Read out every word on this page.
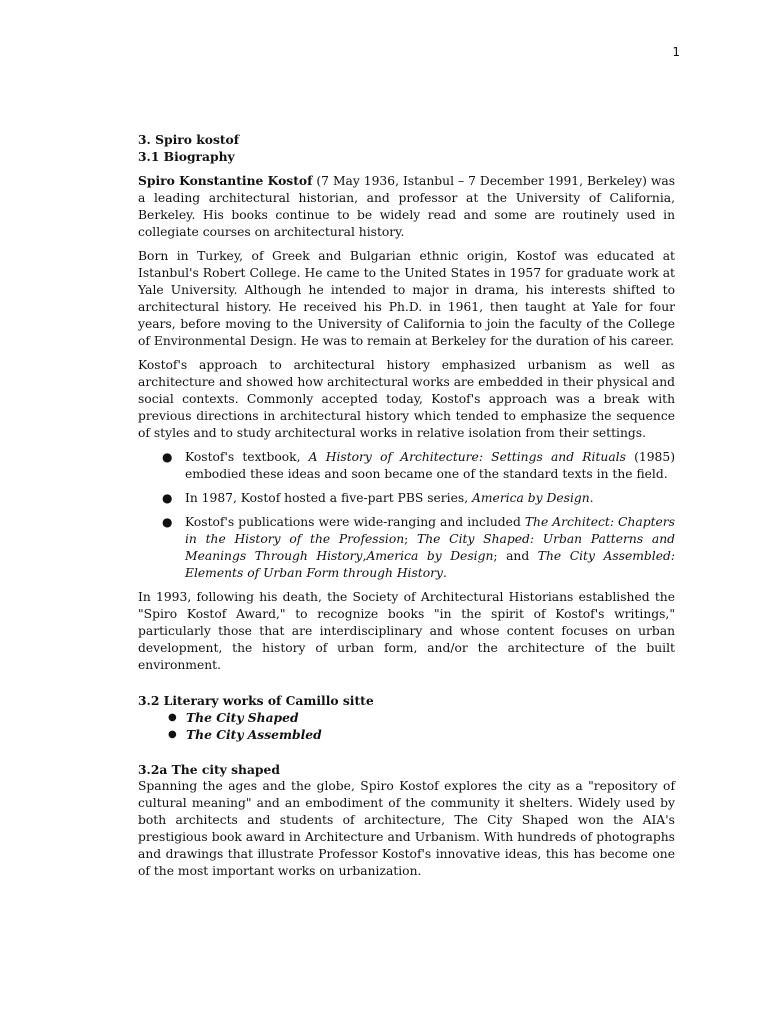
1
3. Spiro kostof
3.1 Biography

Spiro Konstantine Kostof (7 May 1936, Istanbul – 7 December 1991, Berkeley) was a leading architectural historian, and professor at the University of California, Berkeley. His books continue to be widely read and some are routinely used in collegiate courses on architectural history.

Born in Turkey, of Greek and Bulgarian ethnic origin, Kostof was educated at Istanbul's Robert College. He came to the United States in 1957 for graduate work at Yale University. Although he intended to major in drama, his interests shifted to architectural history. He received his Ph.D. in 1961, then taught at Yale for four years, before moving to the University of California to join the faculty of the College of Environmental Design. He was to remain at Berkeley for the duration of his career.

Kostof's approach to architectural history emphasized urbanism as well as architecture and showed how architectural works are embedded in their physical and social contexts. Commonly accepted today, Kostof's approach was a break with previous directions in architectural history which tended to emphasize the sequence of styles and to study architectural works in relative isolation from their settings.

● Kostof's textbook, A History of Architecture: Settings and Rituals (1985) embodied these ideas and soon became one of the standard texts in the field.
● In 1987, Kostof hosted a five-part PBS series, America by Design.
● Kostof's publications were wide-ranging and included The Architect: Chapters in the History of the Profession; The City Shaped: Urban Patterns and Meanings Through History,America by Design; and The City Assembled: Elements of Urban Form through History.

In 1993, following his death, the Society of Architectural Historians established the "Spiro Kostof Award," to recognize books "in the spirit of Kostof's writings," particularly those that are interdisciplinary and whose content focuses on urban development, the history of urban form, and/or the architecture of the built environment.

3.2 Literary works of Camillo sitte
● The City Shaped
● The City Assembled
3.2a The city shaped

Spanning the ages and the globe, Spiro Kostof explores the city as a "repository of cultural meaning" and an embodiment of the community it shelters. Widely used by both architects and students of architecture, The City Shaped won the AIA's prestigious book award in Architecture and Urbanism. With hundreds of photographs and drawings that illustrate Professor Kostof's innovative ideas, this has become one of the most important works on urbanization.
